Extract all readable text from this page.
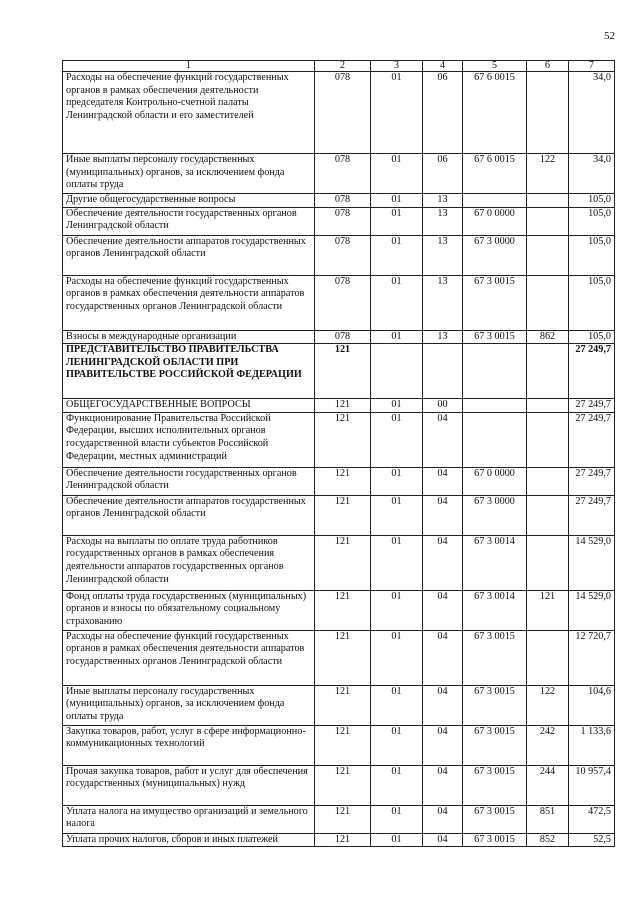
52
1	2	3	4	5	6	7
Расходы на обеспечение функций государственных органов в рамках обеспечения деятельности председателя Контрольно-счетной палаты Ленинградской области и его заместителей	078	01	06	67 6 0015		34,0
Иные выплаты персоналу государственных (муниципальных) органов, за исключением фонда оплаты труда	078	01	06	67 6 0015	122	34,0
Другие общегосударственные вопросы	078	01	13			105,0
Обеспечение деятельности государственных органов Ленинградской области	078	01	13	67 0 0000		105,0
Обеспечение деятельности аппаратов государственных органов Ленинградской области	078	01	13	67 3 0000		105,0
Расходы на обеспечение функций государственных органов в рамках обеспечения деятельности аппаратов государственных органов Ленинградской области	078	01	13	67 3 0015		105,0
Взносы в международные организации	078	01	13	67 3 0015	862	105,0
ПРЕДСТАВИТЕЛЬСТВО ПРАВИТЕЛЬСТВА ЛЕНИНГРАДСКОЙ ОБЛАСТИ ПРИ ПРАВИТЕЛЬСТВЕ РОССИЙСКОЙ ФЕДЕРАЦИИ	121					27 249,7
ОБЩЕГОСУДАРСТВЕННЫЕ ВОПРОСЫ	121	01	00			27 249,7
Функционирование Правительства Российской Федерации, высших исполнительных органов государственной власти субъектов Российской Федерации, местных администраций	121	01	04			27 249,7
Обеспечение деятельности государственных органов Ленинградской области	121	01	04	67 0 0000		27 249,7
Обеспечение деятельности аппаратов государственных органов Ленинградской области	121	01	04	67 3 0000		27 249,7
Расходы на выплаты по оплате труда работников государственных органов в рамках обеспечения деятельности аппаратов государственных органов Ленинградской области	121	01	04	67 3 0014		14 529,0
Фонд оплаты труда государственных (муниципальных) органов и взносы по обязательному социальному страхованию	121	01	04	67 3 0014	121	14 529,0
Расходы на обеспечение функций государственных органов в рамках обеспечения деятельности аппаратов государственных органов Ленинградской области	121	01	04	67 3 0015		12 720,7
Иные выплаты персоналу государственных (муниципальных) органов, за исключением фонда оплаты труда	121	01	04	67 3 0015	122	104,6
Закупка товаров, работ, услуг в сфере информационно-коммуникационных технологий	121	01	04	67 3 0015	242	1 133,6
Прочая закупка товаров, работ и услуг для обеспечения государственных (муниципальных) нужд	121	01	04	67 3 0015	244	10 957,4
Уплата налога на имущество организаций и земельного налога	121	01	04	67 3 0015	851	472,5
Уплата прочих налогов, сборов и иных платежей	121	01	04	67 3 0015	852	52,5
